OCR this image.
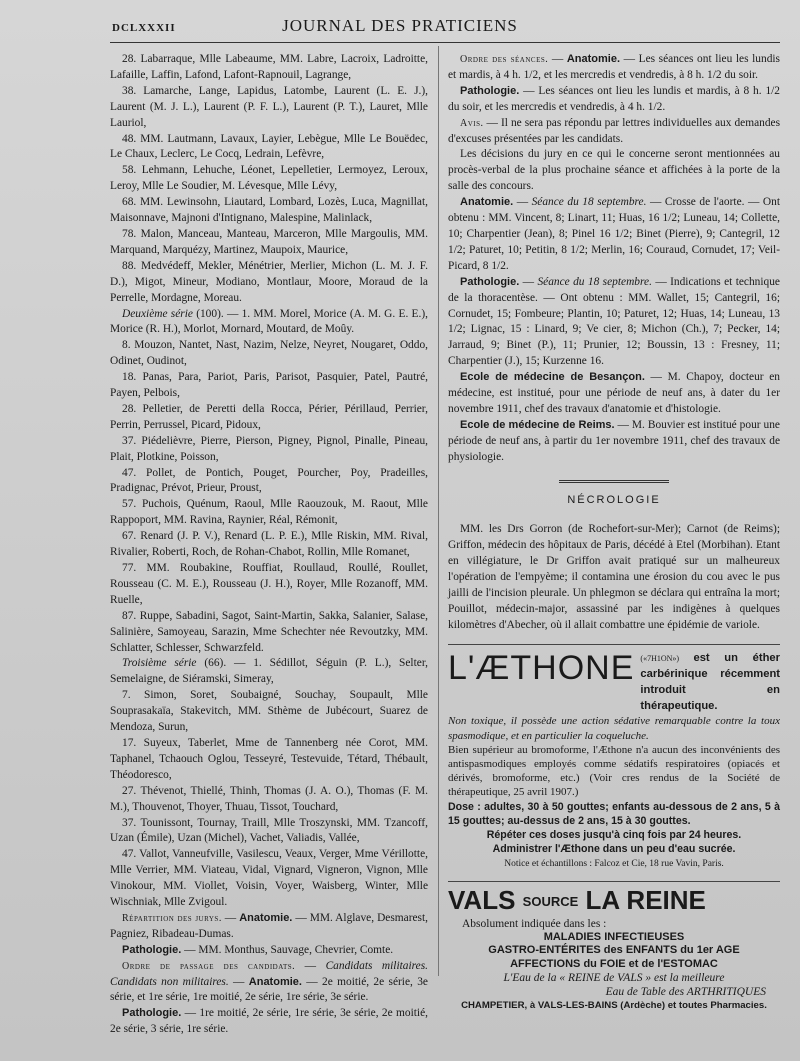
DCLXXXII	JOURNAL DES PRATICIENS

28. Labarraque, Mlle Labeaume, MM. Labre, Lacroix, Ladroitte, Lafaille, Laffin, Lafond, Lafont-Rapnouil, Lagrange,

38. Lamarche, Lange, Lapidus, Latombe, Laurent (L. E. J.), Laurent (M. J. L.), Laurent (P. F. L.), Laurent (P. T.), Lauret, Mlle Lauriol,

48. MM. Lautmann, Lavaux, Layier, Lebègue, Mlle Le Bouëdec, Le Chaux, Leclerc, Le Cocq, Ledrain, Lefèvre,

58. Lehmann, Lehuche, Léonet, Lepelletier, Lermoyez, Leroux, Leroy, Mlle Le Soudier, M. Lévesque, Mlle Lévy,

68. MM. Lewinsohn, Liautard, Lombard, Lozès, Luca, Magnillat, Maisonnave, Majnoni d'Intignano, Malespine, Malinlack,

78. Malon, Manceau, Manteau, Marceron, Mlle Margoulis, MM. Marquand, Marquézy, Martinez, Maupoix, Maurice,

88. Medvédeff, Mekler, Ménétrier, Merlier, Michon (L. M. J. F. D.), Migot, Mineur, Modiano, Montlaur, Moore, Moraud de la Perrelle, Mordagne, Moreau.

Deuxième série (100). — 1. MM. Morel, Morice (A. M. G. E. E.), Morice (R. H.), Morlot, Mornard, Moutard, de Moûy.

8. Mouzon, Nantet, Nast, Nazim, Nelze, Neyret, Nougaret, Oddo, Odinet, Oudinot,

18. Panas, Para, Pariot, Paris, Parisot, Pasquier, Patel, Pautré, Payen, Pelbois,

28. Pelletier, de Peretti della Rocca, Périer, Périllaud, Perrier, Perrin, Perrussel, Picard, Pidoux,

37. Piédelièvre, Pierre, Pierson, Pigney, Pignol, Pinalle, Pineau, Plait, Plotkine, Poisson,

47. Pollet, de Pontich, Pouget, Pourcher, Poy, Pradeilles, Pradignac, Prévot, Prieur, Proust,

57. Puchois, Quénum, Raoul, Mlle Raouzouk, M. Raout, Mlle Rappoport, MM. Ravina, Raynier, Réal, Rémonit,

67. Renard (J. P. V.), Renard (L. P. E.), Mlle Riskin, MM. Rival, Rivalier, Roberti, Roch, de Rohan-Chabot, Rollin, Mlle Romanet,

77. MM. Roubakine, Rouffiat, Roullaud, Roullé, Roullet, Rousseau (C. M. E.), Rousseau (J. H.), Royer, Mlle Rozanoff, MM. Ruelle,

87. Ruppe, Sabadini, Sagot, Saint-Martin, Sakka, Salanier, Salase, Salinière, Samoyeau, Sarazin, Mme Schechter née Revoutzky, MM. Schlatter, Schlesser, Schwarzfeld.

Troisième série (66). — 1. Sédillot, Séguin (P. L.), Selter, Semelaigne, de Siéramski, Simeray,

7. Simon, Soret, Soubaigné, Souchay, Soupault, Mlle Souprasakaïa, Stakevitch, MM. Sthème de Jubécourt, Suarez de Mendoza, Surun,

17. Suyeux, Taberlet, Mme de Tannenberg née Corot, MM. Taphanel, Tchaouch Oglou, Tesseyré, Testevuide, Tétard, Thébault, Théodoresco,

27. Thévenot, Thiellé, Thinh, Thomas (J. A. O.), Thomas (F. M. M.), Thouvenot, Thoyer, Thuau, Tissot, Touchard,

37. Tounissont, Tournay, Traill, Mlle Troszynski, MM. Tzancoff, Uzan (Émile), Uzan (Michel), Vachet, Valiadis, Vallée,

47. Vallot, Vanneufville, Vasilescu, Veaux, Verger, Mme Vérillotte, Mlle Verrier, MM. Viateau, Vidal, Vignard, Vigneron, Vignon, Mlle Vinokour, MM. Viollet, Voisin, Voyer, Waisberg, Winter, Mlle Wischniak, Mlle Zvigoul.

Répartition des jurys. — Anatomie. — MM. Alglave, Desmarest, Pagniez, Ribadeau-Dumas.

Pathologie. — MM. Monthus, Sauvage, Chevrier, Comte.

Ordre de passage des candidats. — Candidats militaires. Candidats non militaires. — Anatomie. — 2e moitié, 2e série, 3e série, et 1re série, 1re moitié, 2e série, 1re série, 3e série.

Pathologie. — 1re moitié, 2e série, 1re série, 3e série, 2e moitié, 2e série, 3 série, 1re série.

Ordre des séances. — Anatomie. — Les séances ont lieu les lundis et mardis, à 4 h. 1/2, et les mercredis et vendredis, à 8 h. 1/2 du soir.

Pathologie. — Les séances ont lieu les lundis et mardis, à 8 h. 1/2 du soir, et les mercredis et vendredis, à 4 h. 1/2.

Avis. — Il ne sera pas répondu par lettres individuelles aux demandes d'excuses présentées par les candidats.

Les décisions du jury en ce qui le concerne seront mentionnées au procès-verbal de la plus prochaine séance et affichées à la porte de la salle des concours.

Anatomie. — Séance du 18 septembre. — Crosse de l'aorte. — Ont obtenu : MM. Vincent, 8; Linart, 11; Huas, 16 1/2; Luneau, 14; Collette, 10; Charpentier (Jean), 8; Pinel 16 1/2; Binet (Pierre), 9; Cantegril, 12 1/2; Paturet, 10; Petitin, 8 1/2; Merlin, 16; Couraud, Cornudet, 17; Veil-Picard, 8 1/2.

Pathologie. — Séance du 18 septembre. — Indications et technique de la thoracentèse. — Ont obtenu : MM. Wallet, 15; Cantegril, 16; Cornudet, 15; Fombeure; Plantin, 10; Paturet, 12; Huas, 14; Luneau, 13 1/2; Lignac, 15 : Linard, 9; Ve cier, 8; Michon (Ch.), 7; Pecker, 14; Jarraud, 9; Binet (P.), 11; Prunier, 12; Boussin, 13 : Fresney, 11; Charpentier (J.), 15; Kurzenne 16.

Ecole de médecine de Besançon. — M. Chapoy, docteur en médecine, est institué, pour une période de neuf ans, à dater du 1er novembre 1911, chef des travaux d'anatomie et d'histologie.

Ecole de médecine de Reims. — M. Bouvier est institué pour une période de neuf ans, à partir du 1er novembre 1911, chef des travaux de physiologie.

NÉCROLOGIE

MM. les Drs Gorron (de Rochefort-sur-Mer); Carnot (de Reims); Griffon, médecin des hôpitaux de Paris, décédé à Etel (Morbihan). Etant en villégiature, le Dr Griffon avait pratiqué sur un malheureux l'opération de l'empyème; il contamina une érosion du cou avec le pus jailli de l'incision pleurale. Un phlegmon se déclara qui entraîna la mort; Pouillot, médecin-major, assassiné par les indigènes à quelques kilomètres d'Abecher, où il allait combattre une épidémie de variole.

L'ÆTHONE $^{(«7H1ON»)}$ est un éther carbérinique récemment introduit en thérapeutique.
Non toxique, il possède une action sédative remarquable contre la toux spasmodique, et en particulier la coqueluche.
Bien supérieur au bromoforme, l'Æthone n'a aucun des inconvénients des antispasmodiques employés comme sédatifs respiratoires (opiacés et dérivés, bromoforme, etc.) (Voir cres rendus de la Société de thérapeutique, 25 avril 1907.)
Dose : adultes, 30 à 50 gouttes; enfants au-dessous de 2 ans, 5 à 15 gouttes; au-dessus de 2 ans, 15 à 30 gouttes.
Répéter ces doses jusqu'à cinq fois par 24 heures.
Administrer l'Æthone dans un peu d'eau sucrée.
Notice et échantillons : Falcoz et Cie, 18 rue Vavin, Paris.
VALS SOURCE LA REINE
Absolument indiquée dans les :
MALADIES INFECTIEUSES
GASTRO-ENTÉRITES des ENFANTS du 1er AGE
AFFECTIONS du FOIE et de l'ESTOMAC
L'Eau de la « REINE de VALS » est la meilleure
Eau de Table des ARTHRITIQUES
CHAMPETIER, à VALS-LES-BAINS (Ardèche) et toutes Pharmacies.
